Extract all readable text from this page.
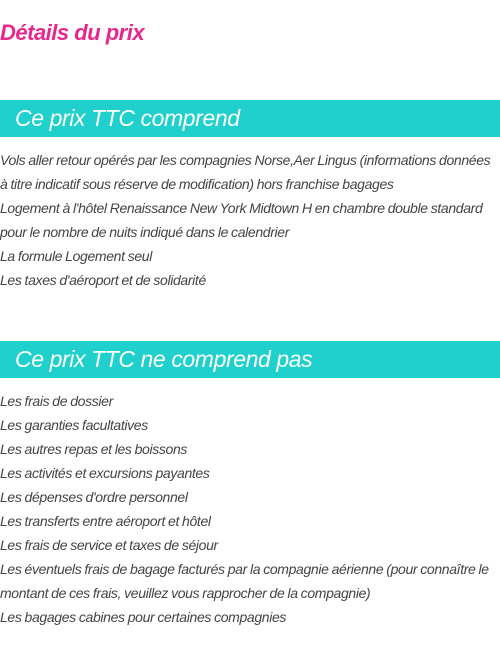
Détails du prix
Ce prix TTC comprend
Vols aller retour opérés par les compagnies Norse,Aer Lingus (informations données à titre indicatif sous réserve de modification) hors franchise bagages
Logement à l'hôtel Renaissance New York Midtown H en chambre double standard pour le nombre de nuits indiqué dans le calendrier
La formule Logement seul
Les taxes d'aéroport et de solidarité
Ce prix TTC ne comprend pas
Les frais de dossier
Les garanties facultatives
Les autres repas et les boissons
Les activités et excursions payantes
Les dépenses d'ordre personnel
Les transferts entre aéroport et hôtel
Les frais de service et taxes de séjour
Les éventuels frais de bagage facturés par la compagnie aérienne (pour connaître le montant de ces frais, veuillez vous rapprocher de la compagnie)
Les bagages cabines pour certaines compagnies
